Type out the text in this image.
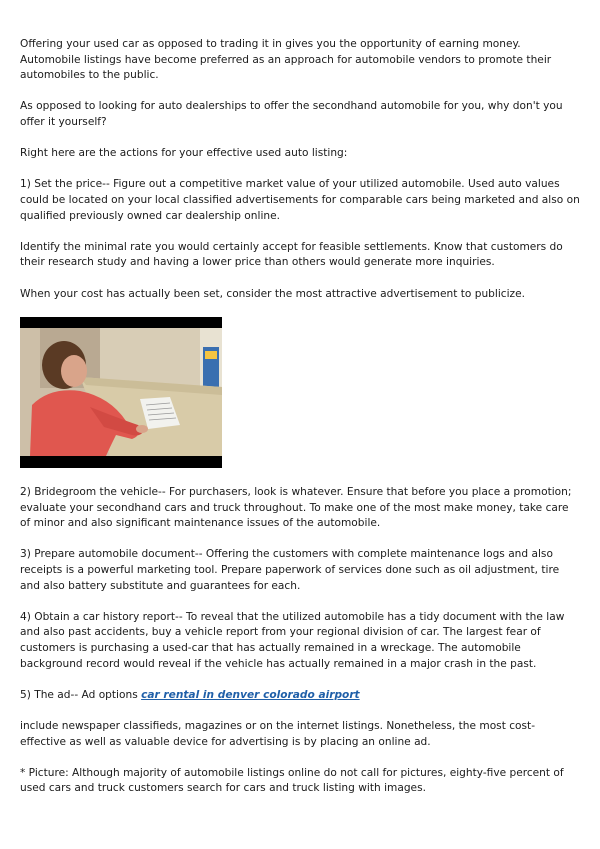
Offering your used car as opposed to trading it in gives you the opportunity of earning money. Automobile listings have become preferred as an approach for automobile vendors to promote their automobiles to the public.

As opposed to looking for auto dealerships to offer the secondhand automobile for you, why don't you offer it yourself?

Right here are the actions for your effective used auto listing:

1) Set the price-- Figure out a competitive market value of your utilized automobile. Used auto values could be located on your local classified advertisements for comparable cars being marketed and also on qualified previously owned car dealership online.

Identify the minimal rate you would certainly accept for feasible settlements. Know that customers do their research study and having a lower price than others would generate more inquiries.

When your cost has actually been set, consider the most attractive advertisement to publicize.

2) Bridegroom the vehicle-- For purchasers, look is whatever. Ensure that before you place a promotion; evaluate your secondhand cars and truck throughout. To make one of the most make money, take care of minor and also significant maintenance issues of the automobile.

3) Prepare automobile document-- Offering the customers with complete maintenance logs and also receipts is a powerful marketing tool. Prepare paperwork of services done such as oil adjustment, tire and also battery substitute and guarantees for each.

4) Obtain a car history report-- To reveal that the utilized automobile has a tidy document with the law and also past accidents, buy a vehicle report from your regional division of car. The largest fear of customers is purchasing a used-car that has actually remained in a wreckage. The automobile background record would reveal if the vehicle has actually remained in a major crash in the past.

5) The ad-- Ad options car rental in denver colorado airport

include newspaper classifieds, magazines or on the internet listings. Nonetheless, the most cost-effective as well as valuable device for advertising is by placing an online ad.

* Picture: Although majority of automobile listings online do not call for pictures, eighty-five percent of used cars and truck customers search for cars and truck listing with images.
